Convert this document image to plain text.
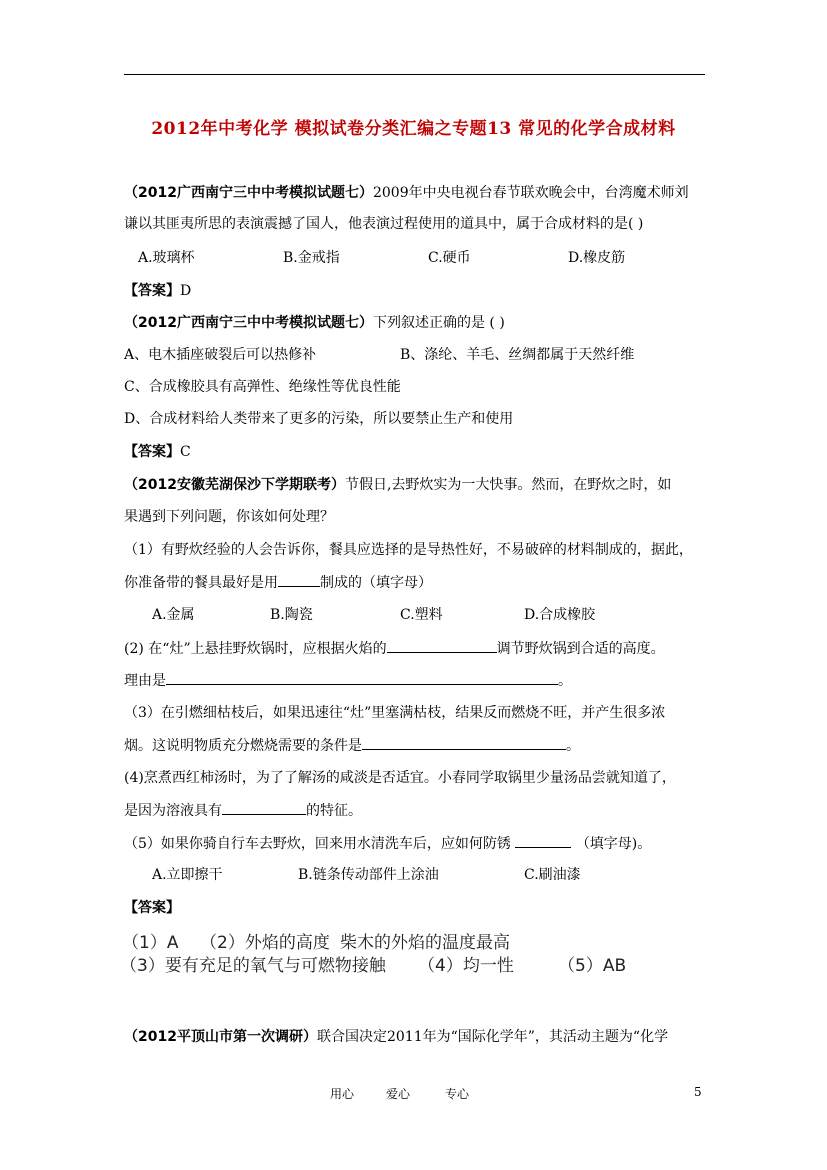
2012年中考化学 模拟试卷分类汇编之专题13 常见的化学合成材料
（2012广西南宁三中中考模拟试题七）2009年中央电视台春节联欢晚会中，台湾魔术师刘
谦以其匪夷所思的表演震撼了国人，他表演过程使用的道具中，属于合成材料的是( )
A.玻璃杯	B.金戒指	C.硬币	D.橡皮筋
【答案】D
（2012广西南宁三中中考模拟试题七）下列叙述正确的是 ( )
A、电木插座破裂后可以热修补	B、涤纶、羊毛、丝绸都属于天然纤维
C、合成橡胶具有高弹性、绝缘性等优良性能
D、合成材料给人类带来了更多的污染，所以要禁止生产和使用
【答案】C
（2012安徽芜湖保沙下学期联考）节假日,去野炊实为一大快事。然而，在野炊之时，如
果遇到下列问题，你该如何处理？
（1）有野炊经验的人会告诉你，餐具应选择的是导热性好，不易破碎的材料制成的，据此，
你准备带的餐具最好是用	制成的（填字母）
A.金属	B.陶瓷	C.塑料	D.合成橡胶
(2) 在“灶”上悬挂野炊锅时，应根据火焰的	调节野炊锅到合适的高度。
理由是	。
（3）在引燃细枯枝后，如果迅速往“灶”里塞满枯枝，结果反而燃烧不旺，并产生很多浓
烟。这说明物质充分燃烧需要的条件是	。
(4)烹煮西红柿汤时，为了了解汤的咸淡是否适宜。小春同学取锅里少量汤品尝就知道了，
是因为溶液具有	的特征。
（5）如果你骑自行车去野炊，回来用水清洗车后，应如何防锈	（填字母)。
A.立即擦干	B.链条传动部件上涂油	C.刷油漆
【答案】
（1）A （2）外焰的高度 柴木的外焰的温度最高
（3）要有充足的氧气与可燃物接触 （4）均一性	（5）AB
（2012平顶山市第一次调研）联合国决定2011年为“国际化学年”，其活动主题为“化学
用心	爱心	专心	5
